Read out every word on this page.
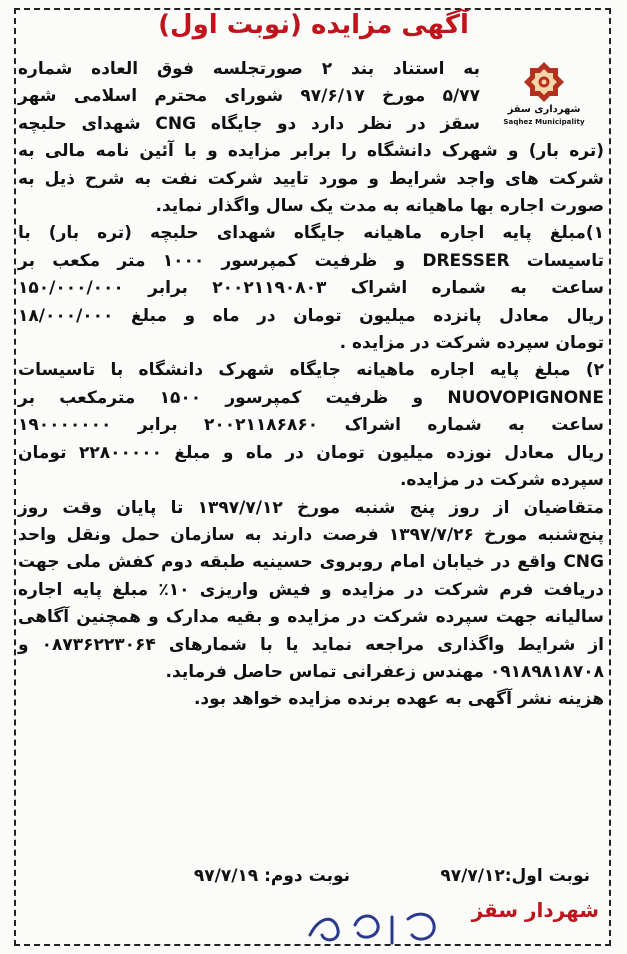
آگهی مزایده (نوبت اول)
شهرداری سقز
Saqhez Municipality
به استناد بند ۲ صورتجلسه فوق العاده شماره
۵/۷۷ مورخ ۹۷/۶/۱۷ شورای محترم اسلامی شهر
سقز در نظر دارد دو جایگاه CNG شهدای حلبچه
(تره بار) و شهرک دانشگاه را برابر مزایده و با آئین نامه مالی به
شرکت های واجد شرایط و مورد تایید شرکت نفت به شرح ذیل به
صورت اجاره بها ماهیانه به مدت یک سال واگذار نماید.
۱)مبلغ پایه اجاره ماهیانه جایگاه شهدای حلبچه (تره بار) با
تاسیسات DRESSER و ظرفیت کمپرسور ۱۰۰۰ متر مکعب بر
ساعت به شماره اشراک ۲۰۰۲۱۱۹۰۸۰۳ برابر ۱۵۰/۰۰۰/۰۰۰
ریال معادل پانزده میلیون تومان در ماه و مبلغ ۱۸/۰۰۰/۰۰۰
تومان سپرده شرکت در مزایده .
۲) مبلغ پایه اجاره ماهیانه جایگاه شهرک دانشگاه با تاسیسات
NUOVOPIGNONE و ظرفیت کمپرسور ۱۵۰۰ مترمکعب بر
ساعت به شماره اشراک ۲۰۰۲۱۱۸۶۸۶۰ برابر ۱۹۰۰۰۰۰۰۰
ریال معادل نوزده میلیون تومان در ماه و مبلغ ۲۲۸۰۰۰۰۰ تومان
سپرده شرکت در مزایده.
متقاضیان از روز پنج شنبه مورخ ۱۳۹۷/۷/۱۲ تا پایان وقت روز
پنج‌شنبه مورخ ۱۳۹۷/۷/۲۶ فرصت دارند به سازمان حمل ونقل واحد
CNG واقع در خیابان امام روبروی حسینیه طبقه دوم کفش ملی جهت
دریافت فرم شرکت در مزایده و فیش واریزی ۱۰٪ مبلغ پایه اجاره
سالیانه جهت سپرده شرکت در مزایده و بقیه مدارک و همچنین آگاهی
از شرایط واگذاری مراجعه نماید یا با شمارهای ۰۸۷۳۶۲۲۳۰۶۴ و
۰۹۱۸۹۸۱۸۷۰۸ مهندس زعفرانی تماس حاصل فرماید.
هزینه نشر آگهی به عهده برنده مزایده خواهد بود.
نوبت اول:۹۷/۷/۱۲
نوبت دوم: ۹۷/۷/۱۹
شهردار سقز
